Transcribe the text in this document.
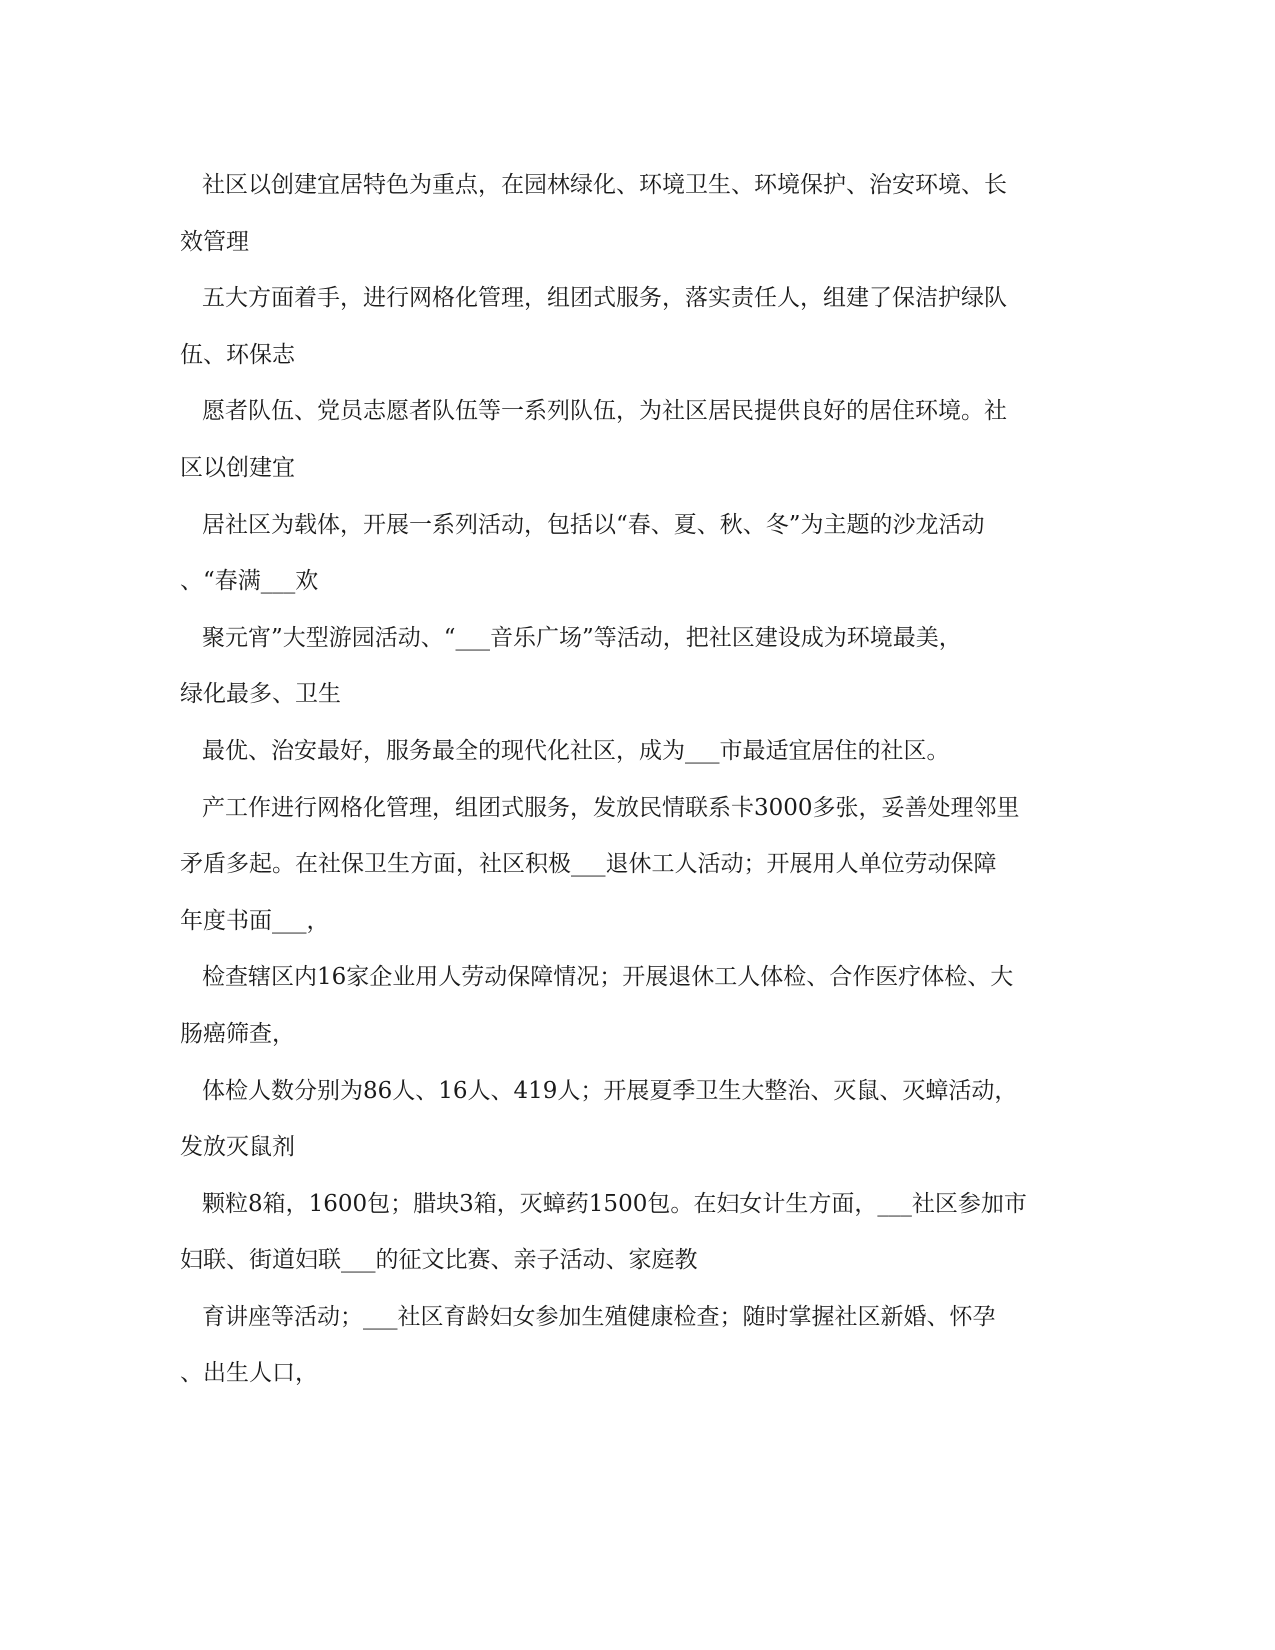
社区以创建宜居特色为重点，在园林绿化、环境卫生、环境保护、治安环境、长
效管理
五大方面着手，进行网格化管理，组团式服务，落实责任人，组建了保洁护绿队
伍、环保志
愿者队伍、党员志愿者队伍等一系列队伍，为社区居民提供良好的居住环境。社
区以创建宜
居社区为载体，开展一系列活动，包括以“春、夏、秋、冬”为主题的沙龙活动
、“春满___欢
聚元宵”大型游园活动、“___音乐广场”等活动，把社区建设成为环境最美，
绿化最多、卫生
最优、治安最好，服务最全的现代化社区，成为___市最适宜居住的社区。
产工作进行网格化管理，组团式服务，发放民情联系卡3000多张，妥善处理邻里
矛盾多起。在社保卫生方面，社区积极___退休工人活动；开展用人单位劳动保障
年度书面___，
检查辖区内16家企业用人劳动保障情况；开展退休工人体检、合作医疗体检、大
肠癌筛查，
体检人数分别为86人、16人、419人；开展夏季卫生大整治、灭鼠、灭蟑活动，
发放灭鼠剂
颗粒8箱，1600包；腊块3箱，灭蟑药1500包。在妇女计生方面，___社区参加市
妇联、街道妇联___的征文比赛、亲子活动、家庭教
育讲座等活动；___社区育龄妇女参加生殖健康检查；随时掌握社区新婚、怀孕
、出生人口，
